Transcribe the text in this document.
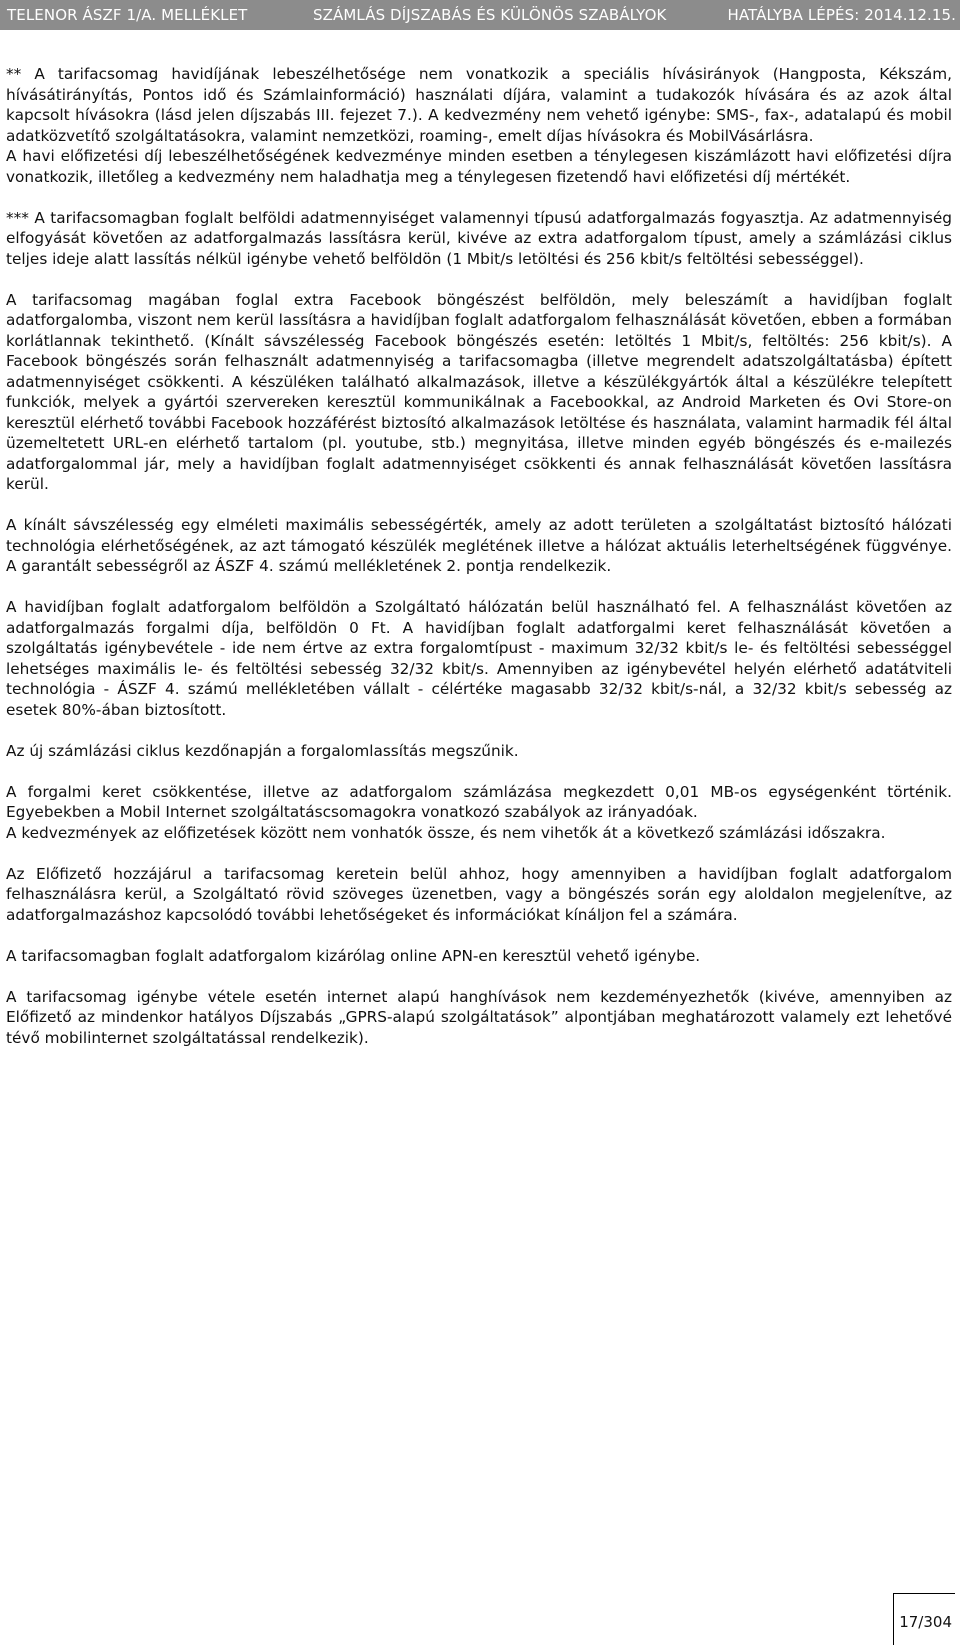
TELENOR ÁSZF 1/A. MELLÉKLET	SZÁMLÁS DÍJSZABÁS ÉS KÜLÖNÖS SZABÁLYOK	HATÁLYBA LÉPÉS: 2014.12.15.

** A tarifacsomag havidíjának lebeszélhetősége nem vonatkozik a speciális hívásirányok (Hangposta, Kékszám, hívásátirányítás, Pontos idő és Számlainformáció) használati díjára, valamint a tudakozók hívására és az azok által kapcsolt hívásokra (lásd jelen díjszabás III. fejezet 7.). A kedvezmény nem vehető igénybe: SMS-, fax-, adatalapú és mobil adatközvetítő szolgáltatásokra, valamint nemzetközi, roaming-, emelt díjas hívásokra és MobilVásárlásra.

A havi előfizetési díj lebeszélhetőségének kedvezménye minden esetben a ténylegesen kiszámlázott havi előfizetési díjra vonatkozik, illetőleg a kedvezmény nem haladhatja meg a ténylegesen fizetendő havi előfizetési díj mértékét.

*** A tarifacsomagban foglalt belföldi adatmennyiséget valamennyi típusú adatforgalmazás fogyasztja. Az adatmennyiség elfogyását követően az adatforgalmazás lassításra kerül, kivéve az extra adatforgalom típust, amely a számlázási ciklus teljes ideje alatt lassítás nélkül igénybe vehető belföldön (1 Mbit/s letöltési és 256 kbit/s feltöltési sebességgel).

A tarifacsomag magában foglal extra Facebook böngészést belföldön, mely beleszámít a havidíjban foglalt adatforgalomba, viszont nem kerül lassításra a havidíjban foglalt adatforgalom felhasználását követően, ebben a formában korlátlannak tekinthető. (Kínált sávszélesség Facebook böngészés esetén: letöltés 1 Mbit/s, feltöltés: 256 kbit/s). A Facebook böngészés során felhasznált adatmennyiség a tarifacsomagba (illetve megrendelt adatszolgáltatásba) épített adatmennyiséget csökkenti. A készüléken található alkalmazások, illetve a készülékgyártók által a készülékre telepített funkciók, melyek a gyártói szervereken keresztül kommunikálnak a Facebookkal, az Android Marketen és Ovi Store-on keresztül elérhető további Facebook hozzáférést biztosító alkalmazások letöltése és használata, valamint harmadik fél által üzemeltetett URL-en elérhető tartalom (pl. youtube, stb.) megnyitása, illetve minden egyéb böngészés és e-mailezés adatforgalommal jár, mely a havidíjban foglalt adatmennyiséget csökkenti és annak felhasználását követően lassításra kerül.

A kínált sávszélesség egy elméleti maximális sebességérték, amely az adott területen a szolgáltatást biztosító hálózati technológia elérhetőségének, az azt támogató készülék meglétének illetve a hálózat aktuális leterheltségének függvénye. A garantált sebességről az ÁSZF 4. számú mellékletének 2. pontja rendelkezik.

A havidíjban foglalt adatforgalom belföldön a Szolgáltató hálózatán belül használható fel. A felhasználást követően az adatforgalmazás forgalmi díja, belföldön 0 Ft. A havidíjban foglalt adatforgalmi keret felhasználását követően a szolgáltatás igénybevétele - ide nem értve az extra forgalomtípust - maximum 32/32 kbit/s le- és feltöltési sebességgel lehetséges maximális le- és feltöltési sebesség 32/32 kbit/s. Amennyiben az igénybevétel helyén elérhető adatátviteli technológia - ÁSZF 4. számú mellékletében vállalt - célértéke magasabb 32/32 kbit/s-nál, a 32/32 kbit/s sebesség az esetek 80%-ában biztosított.

Az új számlázási ciklus kezdőnapján a forgalomlassítás megszűnik.

A forgalmi keret csökkentése, illetve az adatforgalom számlázása megkezdett 0,01 MB-os egységenként történik. Egyebekben a Mobil Internet szolgáltatáscsomagokra vonatkozó szabályok az irányadóak.

A kedvezmények az előfizetések között nem vonhatók össze, és nem vihetők át a következő számlázási időszakra.

Az Előfizető hozzájárul a tarifacsomag keretein belül ahhoz, hogy amennyiben a havidíjban foglalt adatforgalom felhasználásra kerül, a Szolgáltató rövid szöveges üzenetben, vagy a böngészés során egy aloldalon megjelenítve, az adatforgalmazáshoz kapcsolódó további lehetőségeket és információkat kínáljon fel a számára.

A tarifacsomagban foglalt adatforgalom kizárólag online APN-en keresztül vehető igénybe.

A tarifacsomag igénybe vétele esetén internet alapú hanghívások nem kezdeményezhetők (kivéve, amennyiben az Előfizető az mindenkor hatályos Díjszabás „GPRS-alapú szolgáltatások” alpontjában meghatározott valamely ezt lehetővé tévő mobilinternet szolgáltatással rendelkezik).

17/304
